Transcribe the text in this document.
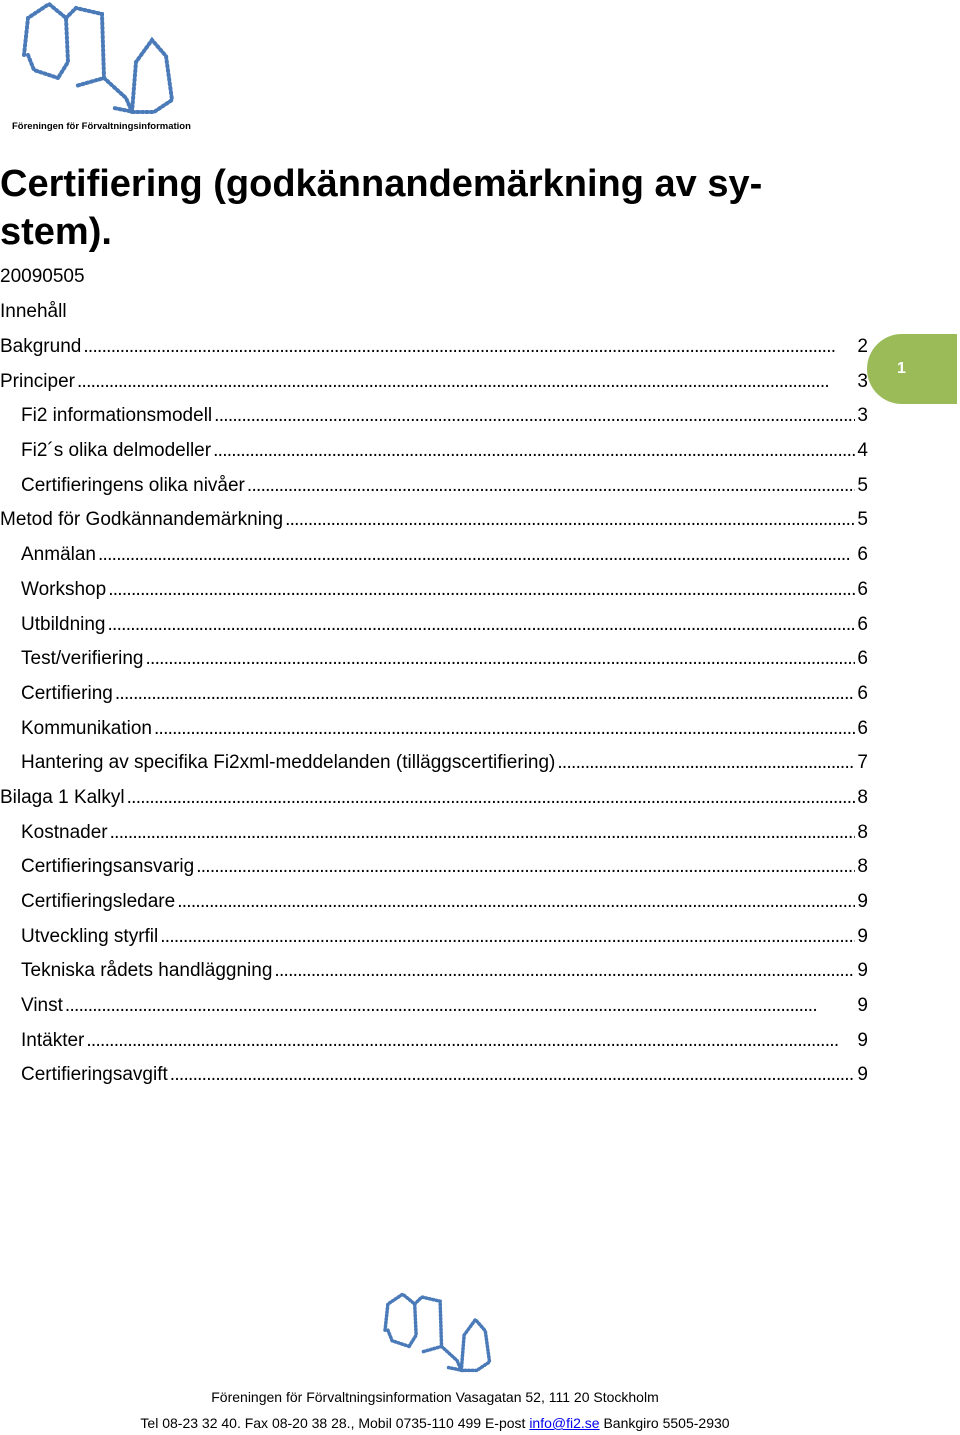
Föreningen för Förvaltningsinformation
Certifiering (godkännandemärkning av sy-
stem).
20090505
Innehåll
Bakgrund . . .	2
Principer . . .	3
Fi2 informationsmodell . . .	3
Fi2´s olika delmodeller . . .	4
Certifieringens olika nivåer . . .	5
Metod för Godkännandemärkning . . .	5
Anmälan . . .	6
Workshop . . .	6
Utbildning . . .	6
Test/verifiering . . .	6
Certifiering . . .	6
Kommunikation . . .	6
Hantering av specifika Fi2xml-meddelanden (tilläggscertifiering) . . .	7
Bilaga 1 Kalkyl . . .	8
Kostnader . . .	8
Certifieringsansvarig . . .	8
Certifieringsledare . . .	9
Utveckling styrfil . . .	9
Tekniska rådets handläggning . . .	9
Vinst . . .	9
Intäkter . . .	9
Certifieringsavgift . . .	9
1
Föreningen för Förvaltningsinformation Vasagatan 52, 111 20 Stockholm
Tel 08-23 32 40. Fax 08-20 38 28., Mobil 0735-110 499 E-post info@fi2.se Bankgiro 5505-2930
